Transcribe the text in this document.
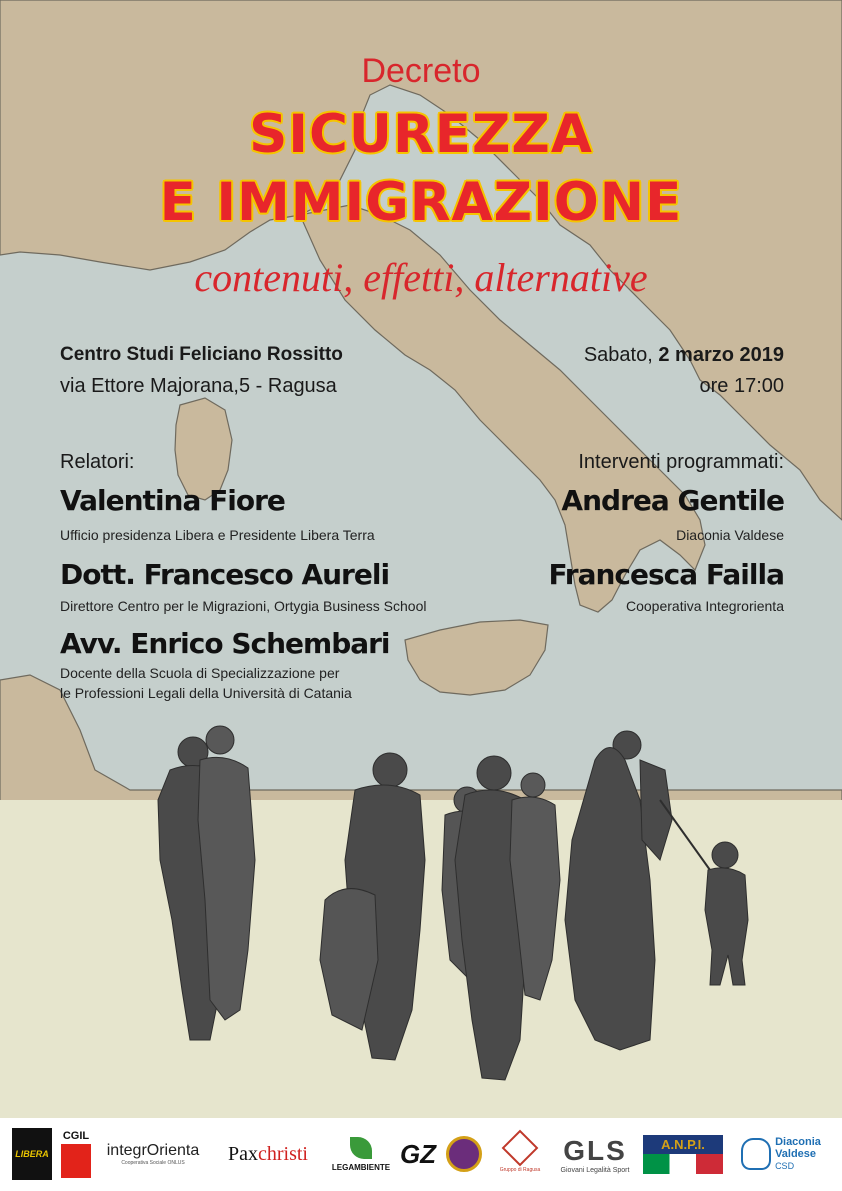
Decreto
SICUREZZA
E IMMIGRAZIONE
contenuti, effetti, alternative
Centro Studi Feliciano Rossitto
via Ettore Majorana,5 - Ragusa
Sabato, 2 marzo 2019
ore 17:00
Relatori:	Interventi programmati:
Valentina Fiore
Ufficio presidenza Libera e Presidente Libera Terra
Dott. Francesco Aureli
Direttore Centro per le Migrazioni, Ortygia Business School
Avv. Enrico Schembari
Docente della Scuola di Specializzazione per
le Professioni Legali della Università di Catania
Andrea Gentile
Diaconia Valdese
Francesca Failla
Cooperativa Integrorienta
LIBERA
CGIL
integrOrienta
Cooperativa Sociale ONLUS Pax christi
LEGAMBIENTE GZ
Gruppo di Ragusa
GLS
Giovani Legalità Sport
A.N.P.I.	Diaconia
Valdese
CSD
